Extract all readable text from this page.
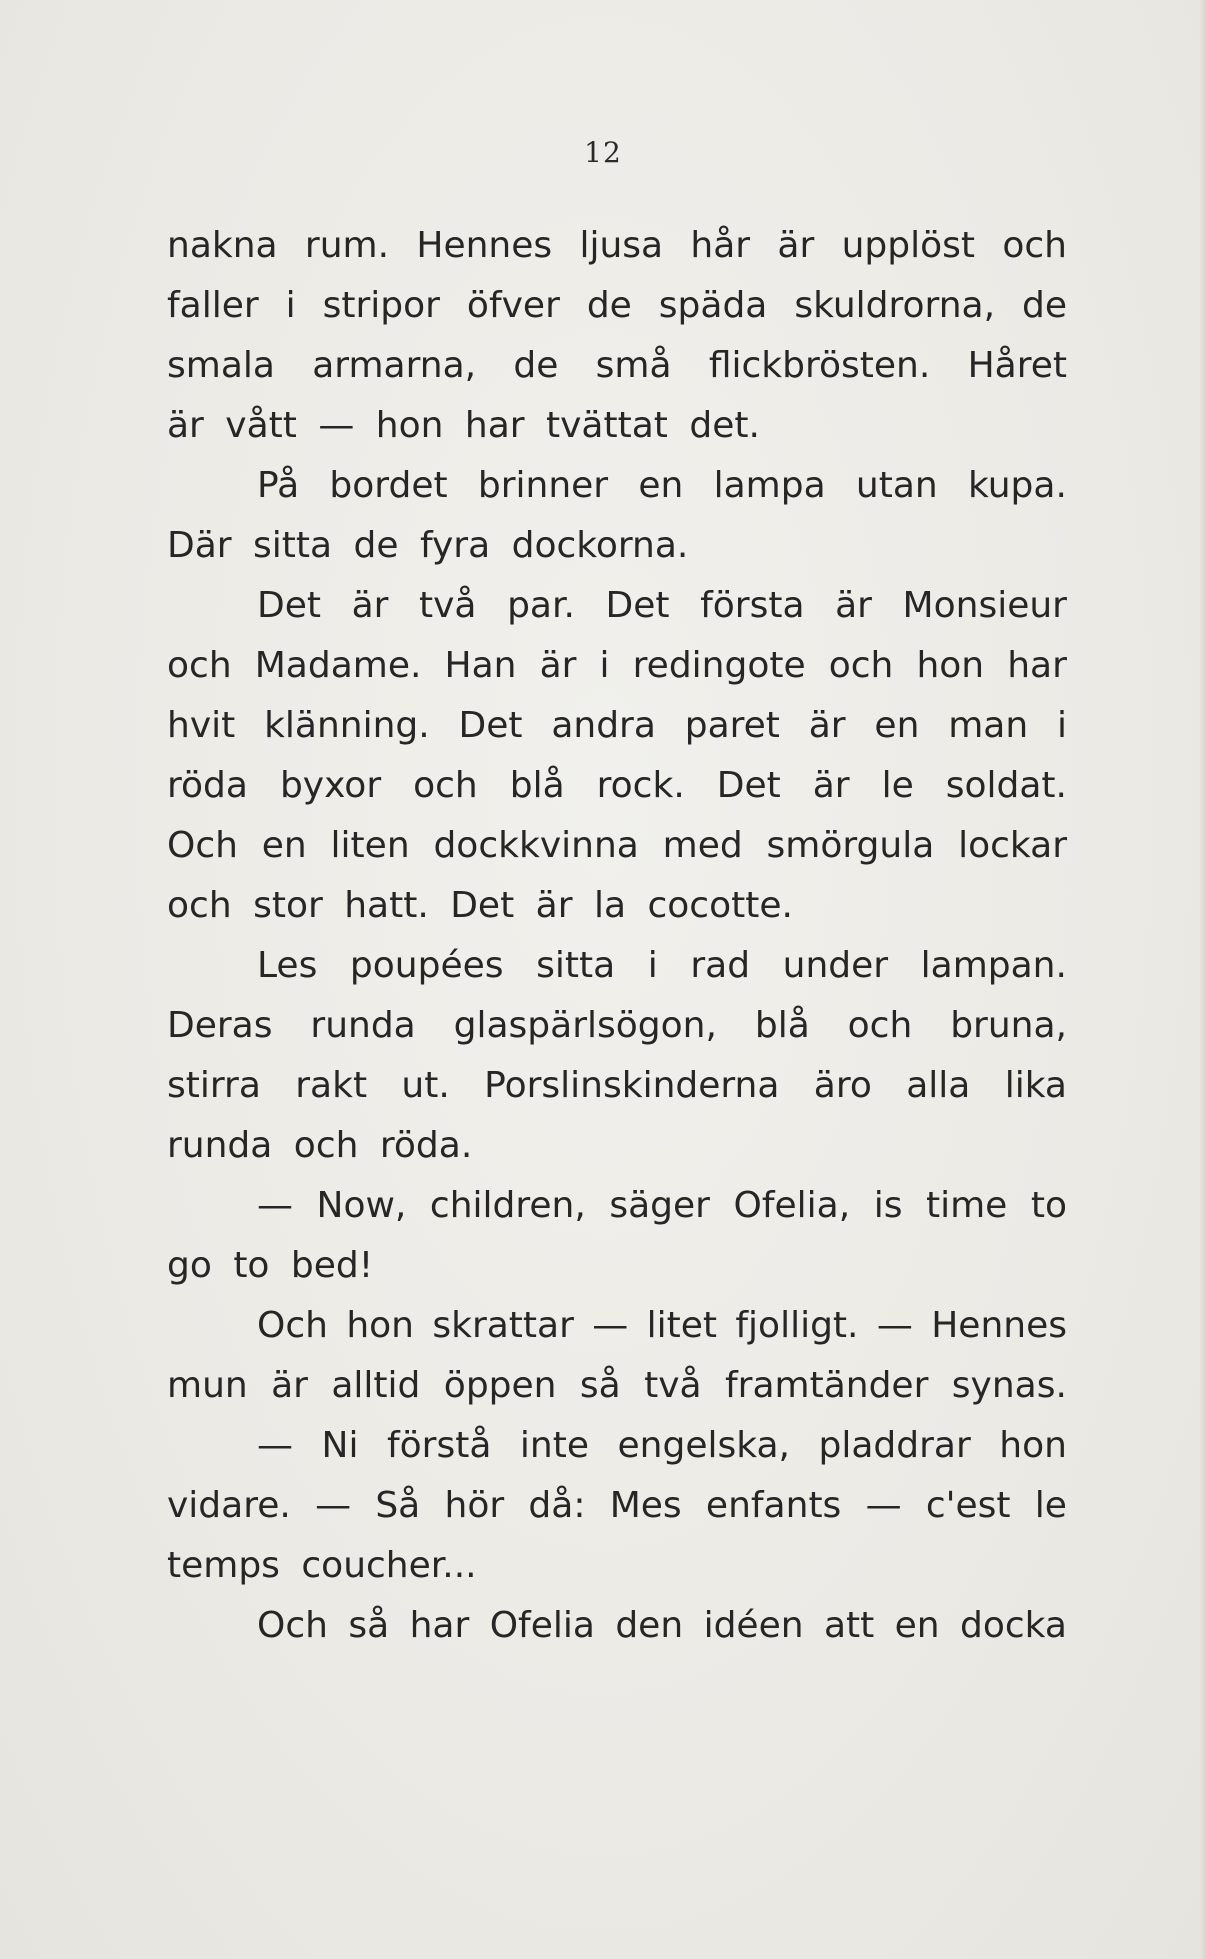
12
nakna rum. Hennes ljusa hår är upplöst och
faller i stripor öfver de späda skuldrorna, de
smala armarna, de små flickbrösten. Håret
är vått — hon har tvättat det.
På bordet brinner en lampa utan kupa.
Där sitta de fyra dockorna.
Det är två par. Det första är Monsieur
och Madame. Han är i redingote och hon har
hvit klänning. Det andra paret är en man i
röda byxor och blå rock. Det är le soldat.
Och en liten dockkvinna med smörgula lockar
och stor hatt. Det är la cocotte.
Les poupées sitta i rad under lampan.
Deras runda glaspärlsögon, blå och bruna,
stirra rakt ut. Porslinskinderna äro alla lika
runda och röda.
— Now, children, säger Ofelia, is time to
go to bed!
Och hon skrattar — litet fjolligt. — Hennes
mun är alltid öppen så två framtänder synas.
— Ni förstå inte engelska, pladdrar hon
vidare. — Så hör då: Mes enfants — c'est le
temps coucher...
Och så har Ofelia den idéen att en docka
